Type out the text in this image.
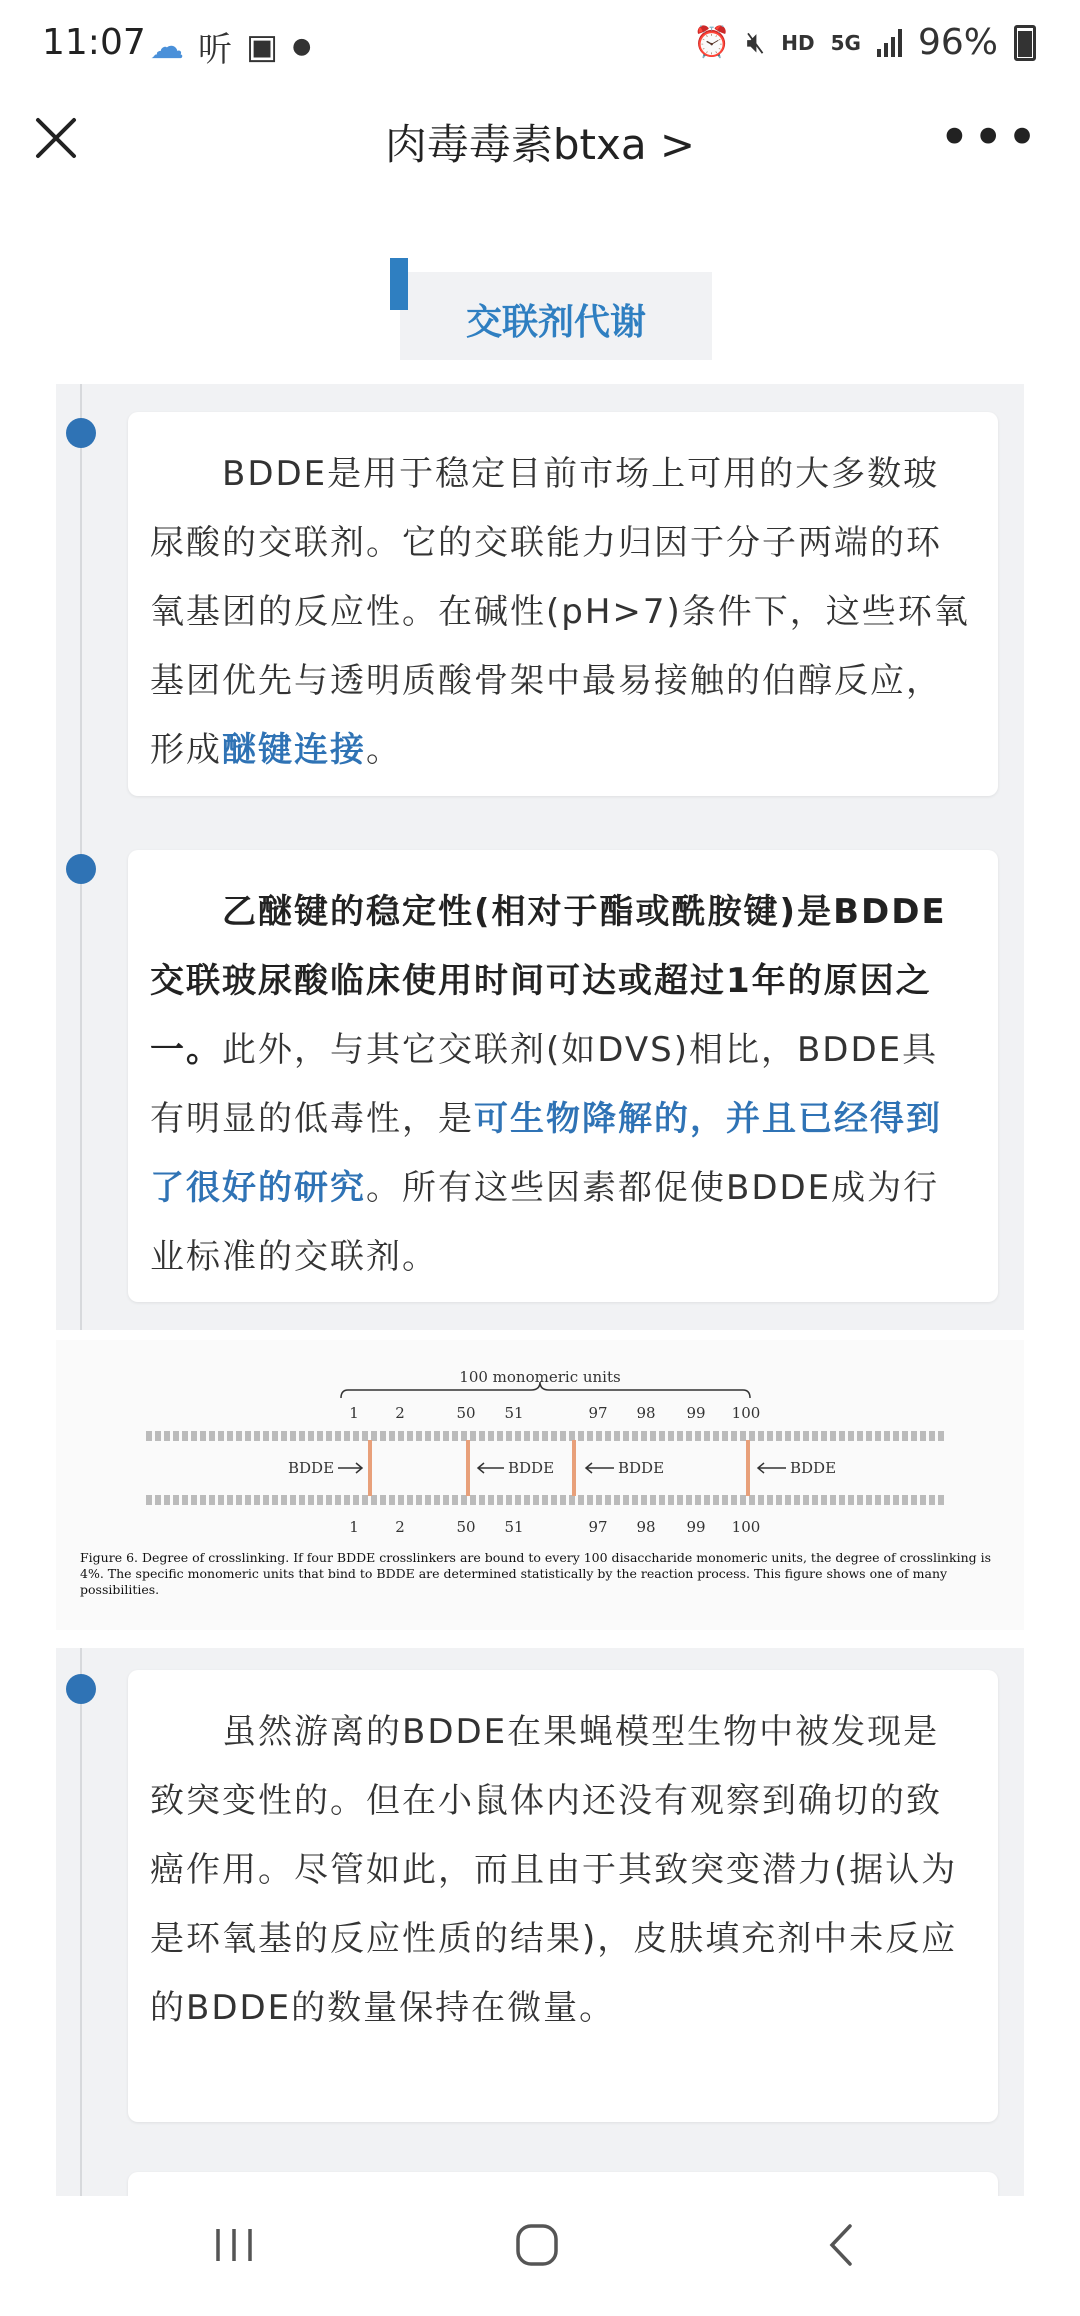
11:07 ☁ 听 ▣ ●	⏰ 🔇︎ HD 5G 96%
肉毒毒素btxa >	•••
交联剂代谢

BDDE是用于稳定目前市场上可用的大多数玻尿酸的交联剂。它的交联能力归因于分子两端的环氧基团的反应性。在碱性(pH>7)条件下，这些环氧基团优先与透明质酸骨架中最易接触的伯醇反应，形成醚键连接。

乙醚键的稳定性(相对于酯或酰胺键)是BDDE交联玻尿酸临床使用时间可达或超过1年的原因之一。此外，与其它交联剂(如DVS)相比，BDDE具有明显的低毒性，是可生物降解的，并且已经得到了很好的研究。所有这些因素都促使BDDE成为行业标准的交联剂。

100 monomeric units
1 2	50 51	97 98 99 100
BDDE	BDDE	BDDE	BDDE
1 2	50 51	97 98 99 100
Figure 6. Degree of crosslinking. If four BDDE crosslinkers are bound to every 100 disaccharide monomeric units, the degree of crosslinking is 4%. The specific monomeric units that bind to BDDE are determined statistically by the reaction process. This figure shows one of many possibilities.

虽然游离的BDDE在果蝇模型生物中被发现是致突变性的。但在小鼠体内还没有观察到确切的致癌作用。尽管如此，而且由于其致突变潜力(据认为是环氧基的反应性质的结果)，皮肤填充剂中未反应的BDDE的数量保持在微量。
